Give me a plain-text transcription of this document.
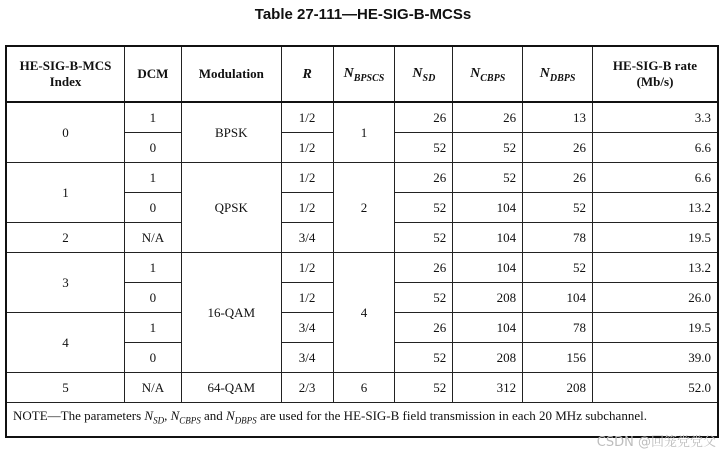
Table 27-111—HE-SIG-B-MCSs
HE-SIG-B-MCS
Index	DCM	Modulation	R	$N_{BPSCS}$	$N_{SD}$	$N_{CBPS}$	$N_{DBPS}$	HE-SIG-B rate
(Mb/s)
0	1	BPSK	1/2	1	26	26	13	3.3
	0		1/2		52	52	26	6.6
1	1	QPSK	1/2	2	26	52	26	6.6
	0		1/2		52	104	52	13.2
2	N/A		3/4		52	104	78	19.5
3	1	16-QAM	1/2	4	26	104	52	13.2
	0		1/2		52	208	104	26.0
4	1		3/4		26	104	78	19.5
	0		3/4		52	208	156	39.0
5	N/A	64-QAM	2/3	6	52	312	208	52.0
NOTE—The parameters $N_{SD}$, $N_{CBPS}$ and $N_{DBPS}$ are used for the HE-SIG-B field transmission in each 20 MHz subchannel.								
CSDN @回笼党党父
